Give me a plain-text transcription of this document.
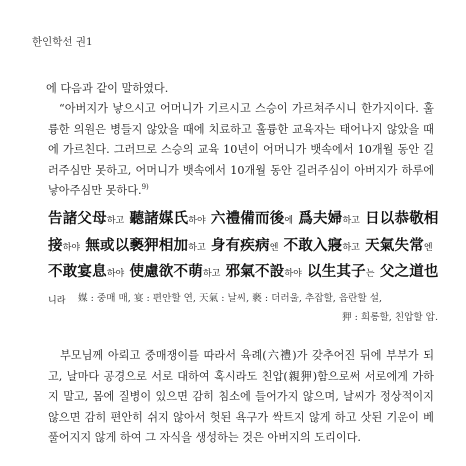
한인학선 권1

에 다음과 같이 말하였다.

“아버지가 낳으시고 어머니가 기르시고 스승이 가르쳐주시니 한가지이다. 훌륭한 의원은 병들지 않았을 때에 치료하고 훌륭한 교육자는 태어나지 않았을 때에 가르친다. 그러므로 스승의 교육 10년이 어머니가 뱃속에서 10개월 동안 길러주심만 못하고, 어머니가 뱃속에서 10개월 동안 길러주심이 아버지가 하루에 낳아주심만 못하다.$^{9)}$

告諸父母하고 聽諸媒氏하야 六禮備而後에 爲夫婦하고 日以恭敬相接하야 無或以褻狎相加하고 身有疾病엔 不敢入寢하고 天氣失常엔 不敢宴息하야 使慮欲不萌하고 邪氣不設하야 以生其子는 父之道也니라	媒 : 중매 매, 宴 : 편안할 연, 天氣 : 날씨, 褻 : 더러울, 추잡할, 음란할 설,
狎 : 희롱할, 친압할 압.

부모님께 아뢰고 중매쟁이를 따라서 육례(六禮)가 갖추어진 뒤에 부부가 되고, 날마다 공경으로 서로 대하여 혹시라도 친압(親狎)함으로써 서로에게 가하지 말고, 몸에 질병이 있으면 감히 침소에 들어가지 않으며, 날씨가 정상적이지 않으면 감히 편안히 쉬지 않아서 헛된 욕구가 싹트지 않게 하고 삿된 기운이 베풀어지지 않게 하여 그 자식을 생성하는 것은 아버지의 도리이다.
